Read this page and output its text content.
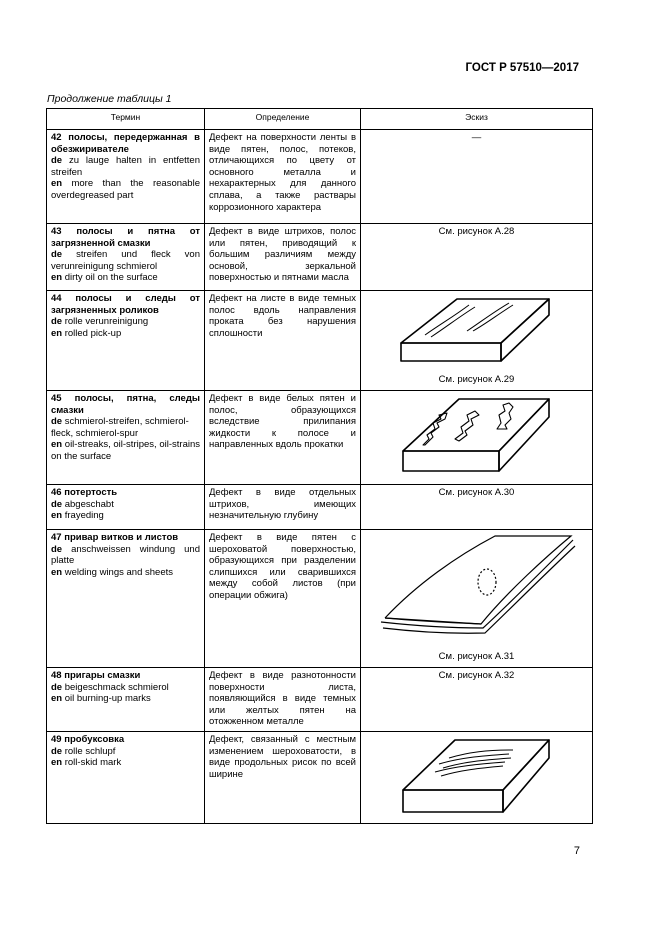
ГОСТ Р 57510—2017
Продолжение таблицы 1
Термин	Определение	Эскиз

42 полосы, передержанная в обезжиривателе
de zu lauge halten in entfetten streifen
en more than the reasonable overdegreased part	Дефект на поверхности ленты в виде пятен, полос, потеков, отличающихся по цвету от основного металла и нехарактерных для данного сплава, а также раствары коррозионного характера	—

43 полосы и пятна от загрязненной смазки
de streifen und fleck von verunreinigung schmierol
en dirty oil on the surface	Дефект в виде штрихов, полос или пятен, приводящий к большим различиям между основой, зеркальной поверхностью и пятнами масла	См. рисунок А.28

44 полосы и следы от загрязненных роликов
de rolle verunreinigung
en rolled pick-up	Дефект на листе в виде темных полос вдоль направления проката без нарушения сплошности	См. рисунок А.29

45 полосы, пятна, следы смазки
de schmierol-streifen, schmierol-fleck, schmierol-spur
en oil-streaks, oil-stripes, oil-strains on the surface	Дефект в виде белых пятен и полос, образующихся вследствие прилипания жидкости к полосе и направленных вдоль прокатки	

46 потертость
de abgeschabt
en frayeding	Дефект в виде отдельных штрихов, имеющих незначительную глубину	См. рисунок А.30

47 привар витков и листов
de anschweissen windung und platte
en welding wings and sheets	Дефект в виде пятен с шероховатой поверхностью, образующихся при разделении слипшихся или сварившихся между собой листов (при операции обжига)	См. рисунок А.31

48 пригары смазки
de beigeschmack schmierol
en oil burning-up marks	Дефект в виде разнотонности поверхности листа, появляющийся в виде темных или желтых пятен на отожженном металле	См. рисунок А.32

49 пробуксовка
de rolle schlupf
en roll-skid mark	Дефект, связанный с местным изменением шероховатости, в виде продольных рисок по всей ширине	
7
